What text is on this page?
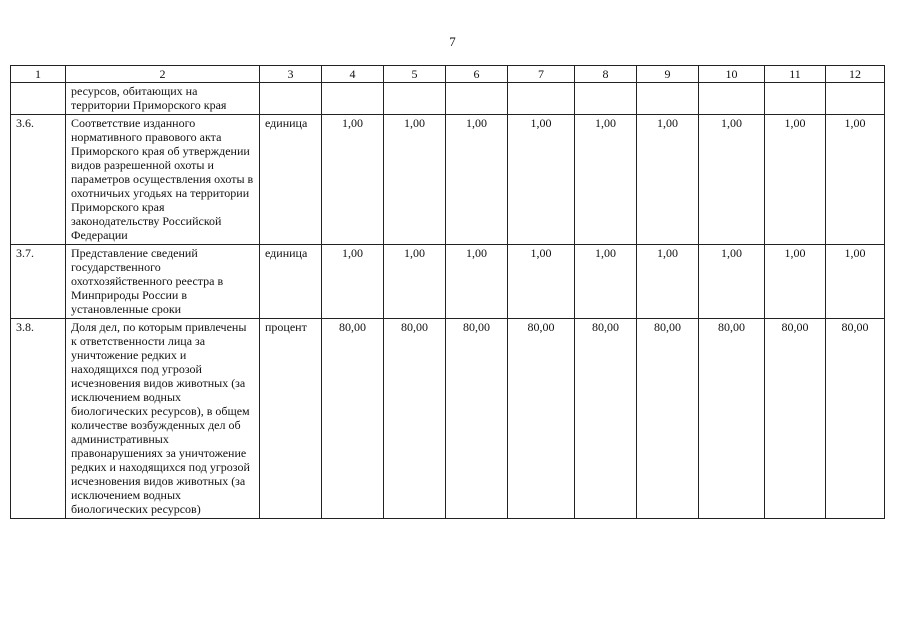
7
1	2	3	4	5	6	7	8	9	10	11	12
	ресурсов, обитающих на территории Приморского края										
3.6.	Соответствие изданного нормативного правового акта Приморского края об утверждении видов разрешенной охоты и параметров осуществления охоты в охотничьих угодьях на территории Приморского края законодательству Российской Федерации	единица	1,00	1,00	1,00	1,00	1,00	1,00	1,00	1,00	1,00
3.7.	Представление сведений государственного охотхозяйственного реестра в Минприроды России в установленные сроки	единица	1,00	1,00	1,00	1,00	1,00	1,00	1,00	1,00	1,00
3.8.	Доля дел, по которым привлечены к ответственности лица за уничтожение редких и находящихся под угрозой исчезновения видов животных (за исключением водных биологических ресурсов), в общем количестве возбужденных дел об административных правонарушениях за уничтожение редких и находящихся под угрозой исчезновения видов животных (за исключением водных биологических ресурсов)	процент	80,00	80,00	80,00	80,00	80,00	80,00	80,00	80,00	80,00
